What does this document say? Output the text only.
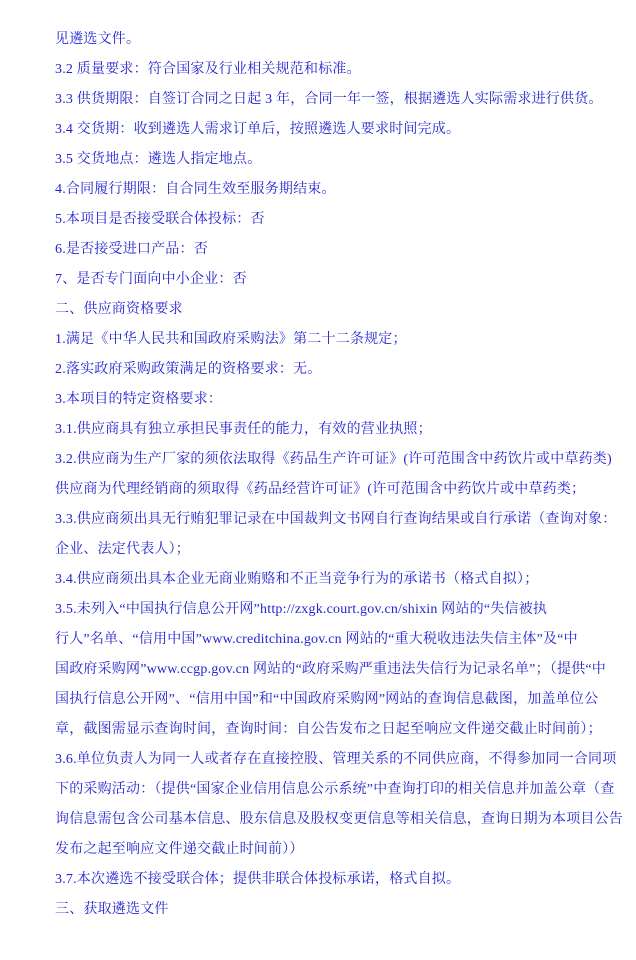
见遴选文件。
3.2 质量要求：符合国家及行业相关规范和标准。
3.3 供货期限：自签订合同之日起 3 年，合同一年一签，根据遴选人实际需求进行供货。
3.4 交货期：收到遴选人需求订单后，按照遴选人要求时间完成。
3.5 交货地点：遴选人指定地点。
4.合同履行期限：自合同生效至服务期结束。
5.本项目是否接受联合体投标：否
6.是否接受进口产品：否
7、是否专门面向中小企业：否
二、供应商资格要求
1.满足《中华人民共和国政府采购法》第二十二条规定；
2.落实政府采购政策满足的资格要求：无。
3.本项目的特定资格要求：
3.1.供应商具有独立承担民事责任的能力，有效的营业执照；
3.2.供应商为生产厂家的须依法取得《药品生产许可证》(许可范围含中药饮片或中草药类)
供应商为代理经销商的须取得《药品经营许可证》(许可范围含中药饮片或中草药类；
3.3.供应商须出具无行贿犯罪记录在中国裁判文书网自行查询结果或自行承诺（查询对象：
企业、法定代表人）；
3.4.供应商须出具本企业无商业贿赂和不正当竞争行为的承诺书（格式自拟）；
3.5.未列入“中国执行信息公开网”http://zxgk.court.gov.cn/shixin 网站的“失信被执
行人”名单、“信用中国”www.creditchina.gov.cn 网站的“重大税收违法失信主体”及“中
国政府采购网”www.ccgp.gov.cn 网站的“政府采购严重违法失信行为记录名单”；（提供“中
国执行信息公开网”、“信用中国”和“中国政府采购网”网站的查询信息截图，加盖单位公
章，截图需显示查询时间，查询时间：自公告发布之日起至响应文件递交截止时间前）；
3.6.单位负责人为同一人或者存在直接控股、管理关系的不同供应商，不得参加同一合同项
下的采购活动：（提供“国家企业信用信息公示系统”中查询打印的相关信息并加盖公章（查
询信息需包含公司基本信息、股东信息及股权变更信息等相关信息，查询日期为本项目公告
发布之起至响应文件递交截止时间前））
3.7.本次遴选不接受联合体；提供非联合体投标承诺，格式自拟。
三、获取遴选文件
